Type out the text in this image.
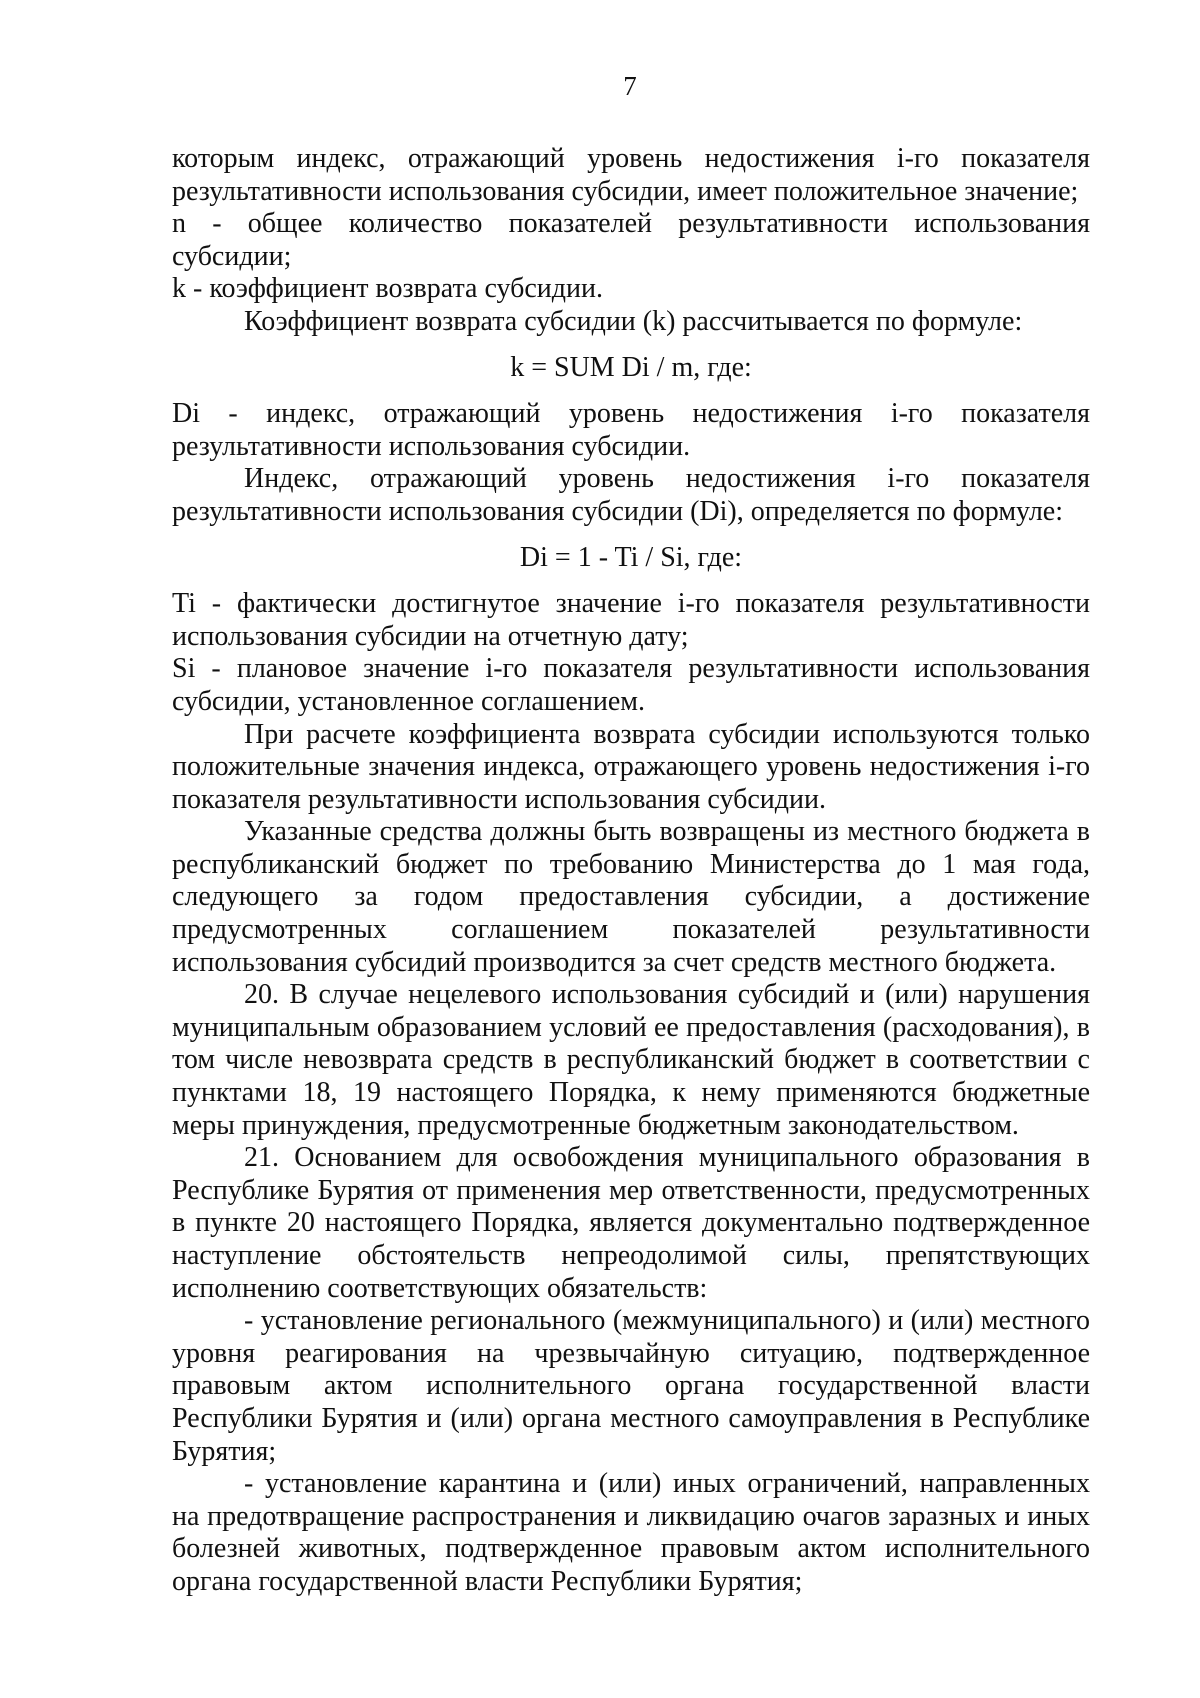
7

которым индекс, отражающий уровень недостижения i-го показателя результативности использования субсидии, имеет положительное значение;

n - общее количество показателей результативности использования субсидии;

k - коэффициент возврата субсидии.

Коэффициент возврата субсидии (k) рассчитывается по формуле:

k = SUM Di / m, где:

Di - индекс, отражающий уровень недостижения i-го показателя результативности использования субсидии.

Индекс, отражающий уровень недостижения i-го показателя результативности использования субсидии (Di), определяется по формуле:

Di = 1 - Ti / Si, где:

Ti - фактически достигнутое значение i-го показателя результативности использования субсидии на отчетную дату;

Si - плановое значение i-го показателя результативности использования субсидии, установленное соглашением.

При расчете коэффициента возврата субсидии используются только положительные значения индекса, отражающего уровень недостижения i-го показателя результативности использования субсидии.

Указанные средства должны быть возвращены из местного бюджета в республиканский бюджет по требованию Министерства до 1 мая года, следующего за годом предоставления субсидии, а достижение предусмотренных соглашением показателей результативности использования субсидий производится за счет средств местного бюджета.

20. В случае нецелевого использования субсидий и (или) нарушения муниципальным образованием условий ее предоставления (расходования), в том числе невозврата средств в республиканский бюджет в соответствии с пунктами 18, 19 настоящего Порядка, к нему применяются бюджетные меры принуждения, предусмотренные бюджетным законодательством.

21. Основанием для освобождения муниципального образования в Республике Бурятия от применения мер ответственности, предусмотренных в пункте 20 настоящего Порядка, является документально подтвержденное наступление обстоятельств непреодолимой силы, препятствующих исполнению соответствующих обязательств:

- установление регионального (межмуниципального) и (или) местного уровня реагирования на чрезвычайную ситуацию, подтвержденное правовым актом исполнительного органа государственной власти Республики Бурятия и (или) органа местного самоуправления в Республике Бурятия;

- установление карантина и (или) иных ограничений, направленных на предотвращение распространения и ликвидацию очагов заразных и иных болезней животных, подтвержденное правовым актом исполнительного органа государственной власти Республики Бурятия;
